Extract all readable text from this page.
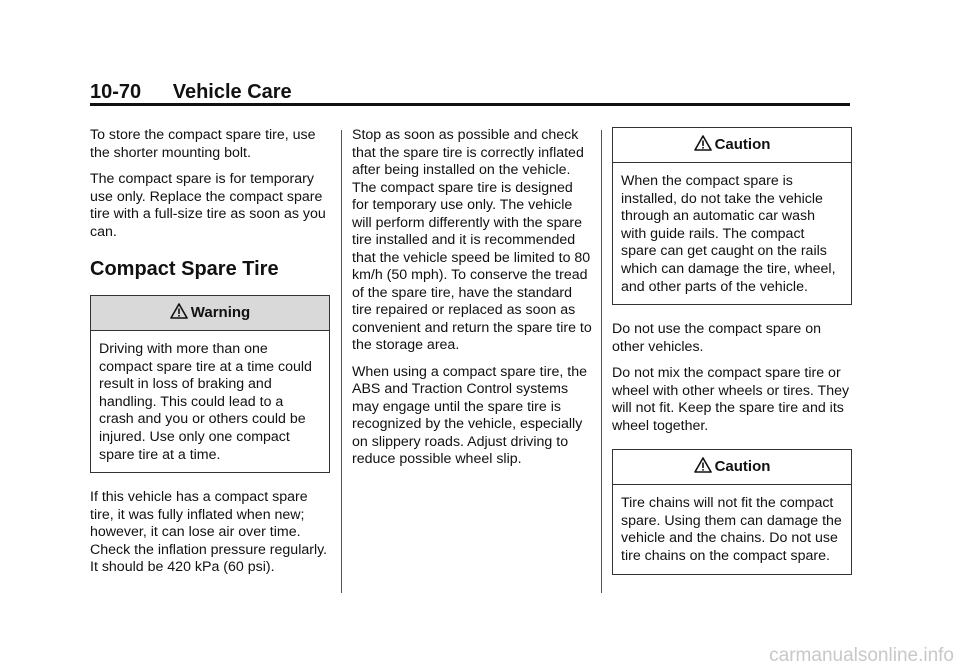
10-70 Vehicle Care

To store the compact spare tire, use the shorter mounting bolt.

The compact spare is for temporary use only. Replace the compact spare tire with a full-size tire as soon as you can.

Compact Spare Tire
Warning
Driving with more than one compact spare tire at a time could result in loss of braking and handling. This could lead to a crash and you or others could be injured. Use only one compact spare tire at a time.

If this vehicle has a compact spare tire, it was fully inflated when new; however, it can lose air over time. Check the inflation pressure regularly. It should be 420 kPa (60 psi).

Stop as soon as possible and check that the spare tire is correctly inflated after being installed on the vehicle. The compact spare tire is designed for temporary use only. The vehicle will perform differently with the spare tire installed and it is recommended that the vehicle speed be limited to 80 km/h (50 mph). To conserve the tread of the spare tire, have the standard tire repaired or replaced as soon as convenient and return the spare tire to the storage area.

When using a compact spare tire, the ABS and Traction Control systems may engage until the spare tire is recognized by the vehicle, especially on slippery roads. Adjust driving to reduce possible wheel slip.

Caution
When the compact spare is installed, do not take the vehicle through an automatic car wash with guide rails. The compact spare can get caught on the rails which can damage the tire, wheel, and other parts of the vehicle.

Do not use the compact spare on other vehicles.

Do not mix the compact spare tire or wheel with other wheels or tires. They will not fit. Keep the spare tire and its wheel together.

Caution
Tire chains will not fit the compact spare. Using them can damage the vehicle and the chains. Do not use tire chains on the compact spare.
carmanualsonline.info
